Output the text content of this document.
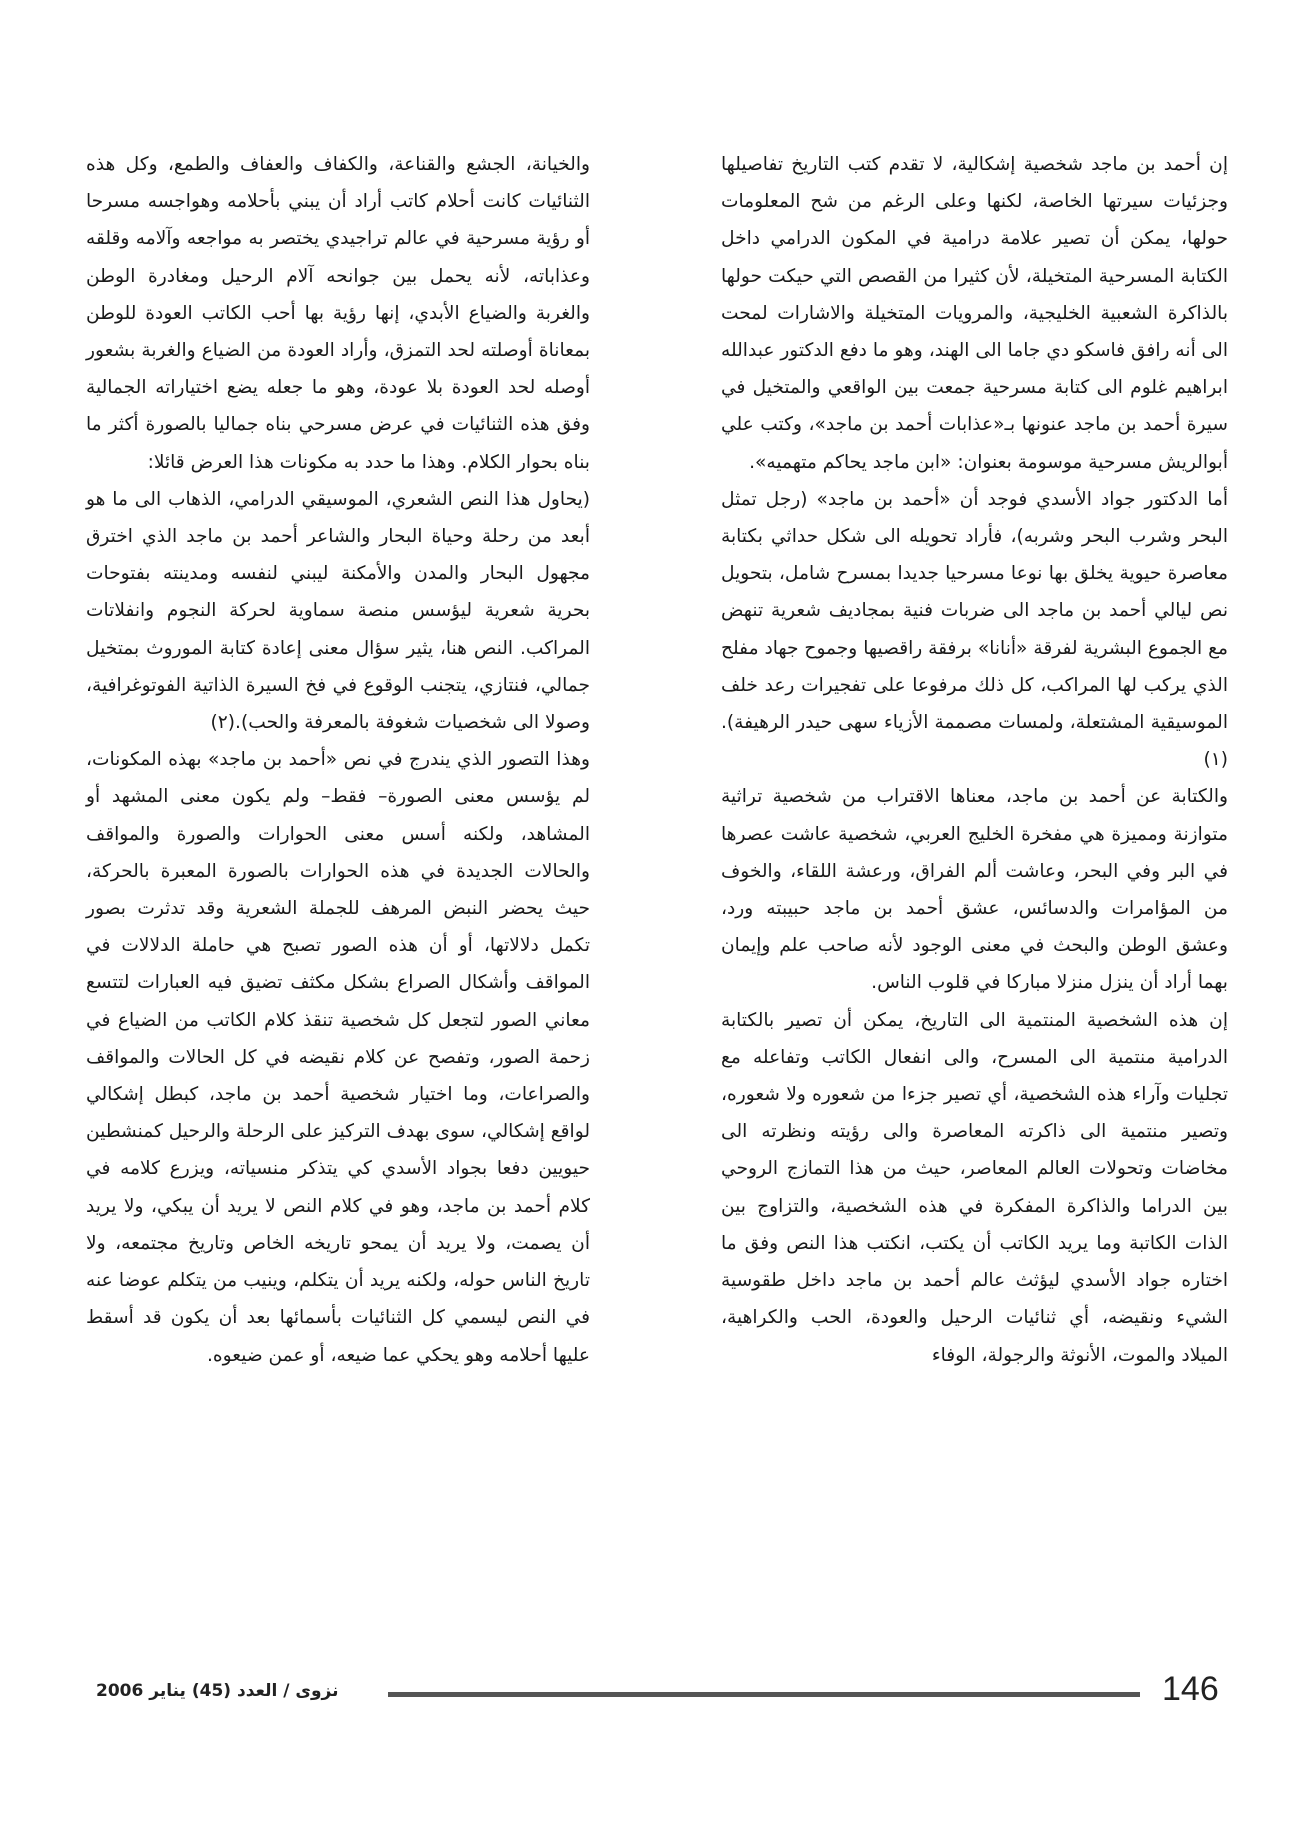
إن أحمد بن ماجد شخصية إشكالية، لا تقدم كتب التاريخ تفاصيلها وجزئيات سيرتها الخاصة، لكنها وعلى الرغم من شح المعلومات حولها، يمكن أن تصير علامة درامية في المكون الدرامي داخل الكتابة المسرحية المتخيلة، لأن كثيرا من القصص التي حيكت حولها بالذاكرة الشعبية الخليجية، والمرويات المتخيلة والاشارات لمحت الى أنه رافق فاسكو دي جاما الى الهند، وهو ما دفع الدكتور عبدالله ابراهيم غلوم الى كتابة مسرحية جمعت بين الواقعي والمتخيل في سيرة أحمد بن ماجد عنونها بـ«عذابات أحمد بن ماجد»، وكتب علي أبوالريش مسرحية موسومة بعنوان: «ابن ماجد يحاكم متهميه».

أما الدكتور جواد الأسدي فوجد أن «أحمد بن ماجد» (رجل تمثل البحر وشرب البحر وشربه)، فأراد تحويله الى شكل حداثي بكتابة معاصرة حيوية يخلق بها نوعا مسرحيا جديدا بمسرح شامل، بتحويل نص ليالي أحمد بن ماجد الى ضربات فنية بمجاديف شعرية تنهض مع الجموع البشرية لفرقة «أنانا» برفقة راقصيها وجموح جهاد مفلح الذي يركب لها المراكب، كل ذلك مرفوعا على تفجيرات رعد خلف الموسيقية المشتعلة، ولمسات مصممة الأزياء سهى حيدر الرهيفة).(١)

والكتابة عن أحمد بن ماجد، معناها الاقتراب من شخصية تراثية متوازنة ومميزة هي مفخرة الخليج العربي، شخصية عاشت عصرها في البر وفي البحر، وعاشت ألم الفراق، ورعشة اللقاء، والخوف من المؤامرات والدسائس، عشق أحمد بن ماجد حبيبته ورد، وعشق الوطن والبحث في معنى الوجود لأنه صاحب علم وإيمان بهما أراد أن ينزل منزلا مباركا في قلوب الناس.

إن هذه الشخصية المنتمية الى التاريخ، يمكن أن تصير بالكتابة الدرامية منتمية الى المسرح، والى انفعال الكاتب وتفاعله مع تجليات وآراء هذه الشخصية، أي تصير جزءا من شعوره ولا شعوره، وتصير منتمية الى ذاكرته المعاصرة والى رؤيته ونظرته الى مخاضات وتحولات العالم المعاصر، حيث من هذا التمازج الروحي بين الدراما والذاكرة المفكرة في هذه الشخصية، والتزاوج بين الذات الكاتبة وما يريد الكاتب أن يكتب، انكتب هذا النص وفق ما اختاره جواد الأسدي ليؤثث عالم أحمد بن ماجد داخل طقوسية الشيء ونقيضه، أي ثنائيات الرحيل والعودة، الحب والكراهية، الميلاد والموت، الأنوثة والرجولة، الوفاء

والخيانة، الجشع والقناعة، والكفاف والعفاف والطمع، وكل هذه الثنائيات كانت أحلام كاتب أراد أن يبني بأحلامه وهواجسه مسرحا أو رؤية مسرحية في عالم تراجيدي يختصر به مواجعه وآلامه وقلقه وعذاباته، لأنه يحمل بين جوانحه آلام الرحيل ومغادرة الوطن والغربة والضياع الأبدي، إنها رؤية بها أحب الكاتب العودة للوطن بمعاناة أوصلته لحد التمزق، وأراد العودة من الضياع والغربة بشعور أوصله لحد العودة بلا عودة، وهو ما جعله يضع اختياراته الجمالية وفق هذه الثنائيات في عرض مسرحي بناه جماليا بالصورة أكثر ما بناه بحوار الكلام. وهذا ما حدد به مكونات هذا العرض قائلا:

(يحاول هذا النص الشعري، الموسيقي الدرامي، الذهاب الى ما هو أبعد من رحلة وحياة البحار والشاعر أحمد بن ماجد الذي اخترق مجهول البحار والمدن والأمكنة ليبني لنفسه ومدينته بفتوحات بحرية شعرية ليؤسس منصة سماوية لحركة النجوم وانفلاتات المراكب. النص هنا، يثير سؤال معنى إعادة كتابة الموروث بمتخيل جمالي، فنتازي، يتجنب الوقوع في فخ السيرة الذاتية الفوتوغرافية، وصولا الى شخصيات شغوفة بالمعرفة والحب).(٢)

وهذا التصور الذي يندرج في نص «أحمد بن ماجد» بهذه المكونات، لم يؤسس معنى الصورة– فقط– ولم يكون معنى المشهد أو المشاهد، ولكنه أسس معنى الحوارات والصورة والمواقف والحالات الجديدة في هذه الحوارات بالصورة المعبرة بالحركة، حيث يحضر النبض المرهف للجملة الشعرية وقد تدثرت بصور تكمل دلالاتها، أو أن هذه الصور تصبح هي حاملة الدلالات في المواقف وأشكال الصراع بشكل مكثف تضيق فيه العبارات لتتسع معاني الصور لتجعل كل شخصية تنقذ كلام الكاتب من الضياع في زحمة الصور، وتفصح عن كلام نقيضه في كل الحالات والمواقف والصراعات، وما اختيار شخصية أحمد بن ماجد، كبطل إشكالي لواقع إشكالي، سوى بهدف التركيز على الرحلة والرحيل كمنشطين حيويين دفعا بجواد الأسدي كي يتذكر منسياته، ويزرع كلامه في كلام أحمد بن ماجد، وهو في كلام النص لا يريد أن يبكي، ولا يريد أن يصمت، ولا يريد أن يمحو تاريخه الخاص وتاريخ مجتمعه، ولا تاريخ الناس حوله، ولكنه يريد أن يتكلم، وينيب من يتكلم عوضا عنه في النص ليسمي كل الثنائيات بأسمائها بعد أن يكون قد أسقط عليها أحلامه وهو يحكي عما ضيعه، أو عمن ضيعوه.

146
نزوى / العدد (45) يناير 2006
